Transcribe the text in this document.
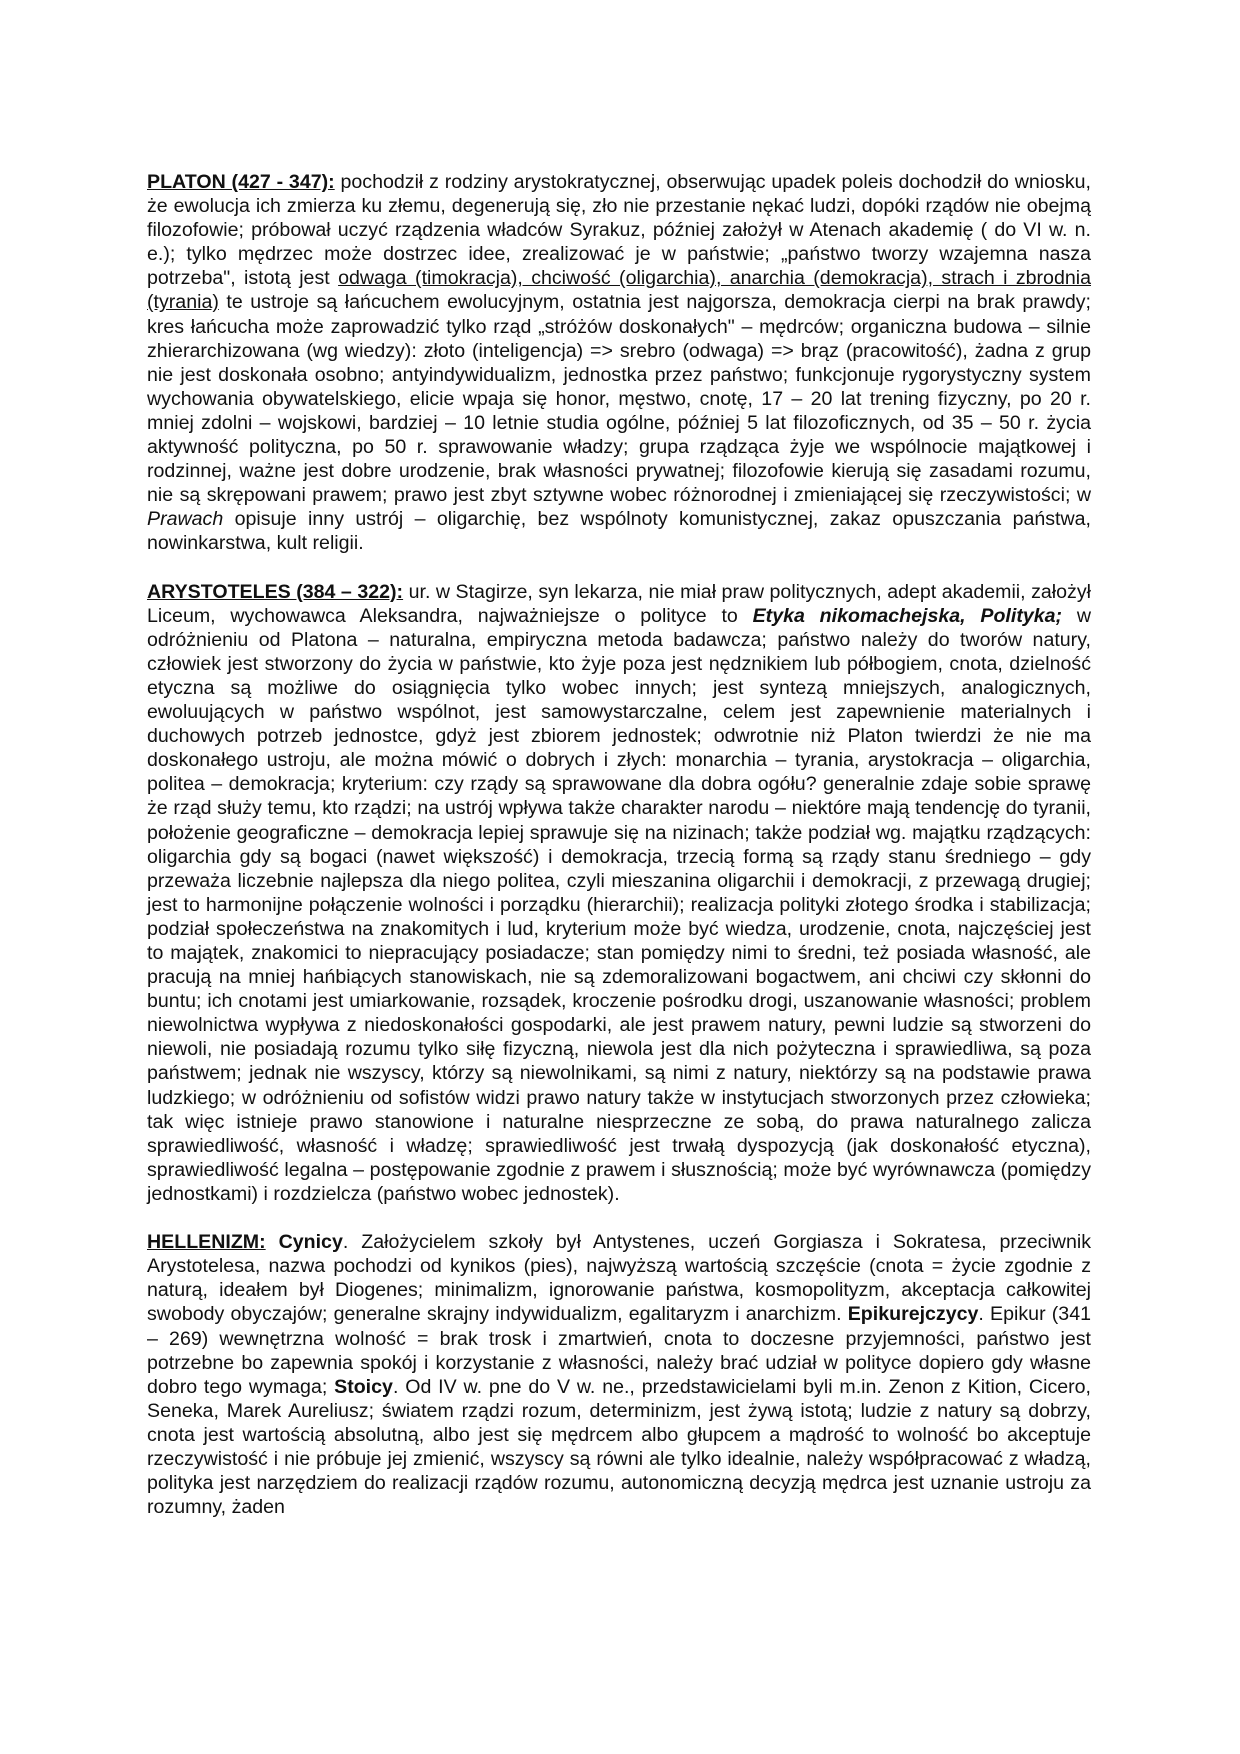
PLATON (427 - 347): pochodził z rodziny arystokratycznej, obserwując upadek poleis dochodził do wniosku, że ewolucja ich zmierza ku złemu, degenerują się, zło nie przestanie nękać ludzi, dopóki rządów nie obejmą filozofowie; próbował uczyć rządzenia władców Syrakuz, później założył w Atenach akademię ( do VI w. n. e.); tylko mędrzec może dostrzec idee, zrealizować je w państwie; „państwo tworzy wzajemna nasza potrzeba", istotą jest odwaga (timokracja), chciwość (oligarchia), anarchia (demokracja), strach i zbrodnia (tyrania) te ustroje są łańcuchem ewolucyjnym, ostatnia jest najgorsza, demokracja cierpi na brak prawdy; kres łańcucha może zaprowadzić tylko rząd „stróżów doskonałych" – mędrców; organiczna budowa – silnie zhierarchizowana (wg wiedzy): złoto (inteligencja) => srebro (odwaga) => brąz (pracowitość), żadna z grup nie jest doskonała osobno; antyindywidualizm, jednostka przez państwo; funkcjonuje rygorystyczny system wychowania obywatelskiego, elicie wpaja się honor, męstwo, cnotę, 17 – 20 lat trening fizyczny, po 20 r. mniej zdolni – wojskowi, bardziej – 10 letnie studia ogólne, później 5 lat filozoficznych, od 35 – 50 r. życia aktywność polityczna, po 50 r. sprawowanie władzy; grupa rządząca żyje we wspólnocie majątkowej i rodzinnej, ważne jest dobre urodzenie, brak własności prywatnej; filozofowie kierują się zasadami rozumu, nie są skrępowani prawem; prawo jest zbyt sztywne wobec różnorodnej i zmieniającej się rzeczywistości; w Prawach opisuje inny ustrój – oligarchię, bez wspólnoty komunistycznej, zakaz opuszczania państwa, nowinkarstwa, kult religii.

ARYSTOTELES (384 – 322): ur. w Stagirze, syn lekarza, nie miał praw politycznych, adept akademii, założył Liceum, wychowawca Aleksandra, najważniejsze o polityce to Etyka nikomachejska, Polityka; w odróżnieniu od Platona – naturalna, empiryczna metoda badawcza; państwo należy do tworów natury, człowiek jest stworzony do życia w państwie, kto żyje poza jest nędznikiem lub półbogiem, cnota, dzielność etyczna są możliwe do osiągnięcia tylko wobec innych; jest syntezą mniejszych, analogicznych, ewoluujących w państwo wspólnot, jest samowystarczalne, celem jest zapewnienie materialnych i duchowych potrzeb jednostce, gdyż jest zbiorem jednostek; odwrotnie niż Platon twierdzi że nie ma doskonałego ustroju, ale można mówić o dobrych i złych: monarchia – tyrania, arystokracja – oligarchia, politea – demokracja; kryterium: czy rządy są sprawowane dla dobra ogółu? generalnie zdaje sobie sprawę że rząd służy temu, kto rządzi; na ustrój wpływa także charakter narodu – niektóre mają tendencję do tyranii, położenie geograficzne – demokracja lepiej sprawuje się na nizinach; także podział wg. majątku rządzących: oligarchia gdy są bogaci (nawet większość) i demokracja, trzecią formą są rządy stanu średniego – gdy przeważa liczebnie najlepsza dla niego politea, czyli mieszanina oligarchii i demokracji, z przewagą drugiej; jest to harmonijne połączenie wolności i porządku (hierarchii); realizacja polityki złotego środka i stabilizacja; podział społeczeństwa na znakomitych i lud, kryterium może być wiedza, urodzenie, cnota, najczęściej jest to majątek, znakomici to niepracujący posiadacze; stan pomiędzy nimi to średni, też posiada własność, ale pracują na mniej hańbiących stanowiskach, nie są zdemoralizowani bogactwem, ani chciwi czy skłonni do buntu; ich cnotami jest umiarkowanie, rozsądek, kroczenie pośrodku drogi, uszanowanie własności; problem niewolnictwa wypływa z niedoskonałości gospodarki, ale jest prawem natury, pewni ludzie są stworzeni do niewoli, nie posiadają rozumu tylko siłę fizyczną, niewola jest dla nich pożyteczna i sprawiedliwa, są poza państwem; jednak nie wszyscy, którzy są niewolnikami, są nimi z natury, niektórzy są na podstawie prawa ludzkiego; w odróżnieniu od sofistów widzi prawo natury także w instytucjach stworzonych przez człowieka; tak więc istnieje prawo stanowione i naturalne niesprzeczne ze sobą, do prawa naturalnego zalicza sprawiedliwość, własność i władzę; sprawiedliwość jest trwałą dyspozycją (jak doskonałość etyczna), sprawiedliwość legalna – postępowanie zgodnie z prawem i słusznością; może być wyrównawcza (pomiędzy jednostkami) i rozdzielcza (państwo wobec jednostek).

HELLENIZM: Cynicy. Założycielem szkoły był Antystenes, uczeń Gorgiasza i Sokratesa, przeciwnik Arystotelesa, nazwa pochodzi od kynikos (pies), najwyższą wartością szczęście (cnota = życie zgodnie z naturą, ideałem był Diogenes; minimalizm, ignorowanie państwa, kosmopolityzm, akceptacja całkowitej swobody obyczajów; generalne skrajny indywidualizm, egalitaryzm i anarchizm. Epikurejczycy. Epikur (341 – 269) wewnętrzna wolność = brak trosk i zmartwień, cnota to doczesne przyjemności, państwo jest potrzebne bo zapewnia spokój i korzystanie z własności, należy brać udział w polityce dopiero gdy własne dobro tego wymaga; Stoicy. Od IV w. pne do V w. ne., przedstawicielami byli m.in. Zenon z Kition, Cicero, Seneka, Marek Aureliusz; światem rządzi rozum, determinizm, jest żywą istotą; ludzie z natury są dobrzy, cnota jest wartością absolutną, albo jest się mędrcem albo głupcem a mądrość to wolność bo akceptuje rzeczywistość i nie próbuje jej zmienić, wszyscy są równi ale tylko idealnie, należy współpracować z władzą, polityka jest narzędziem do realizacji rządów rozumu, autonomiczną decyzją mędrca jest uznanie ustroju za rozumny, żaden
